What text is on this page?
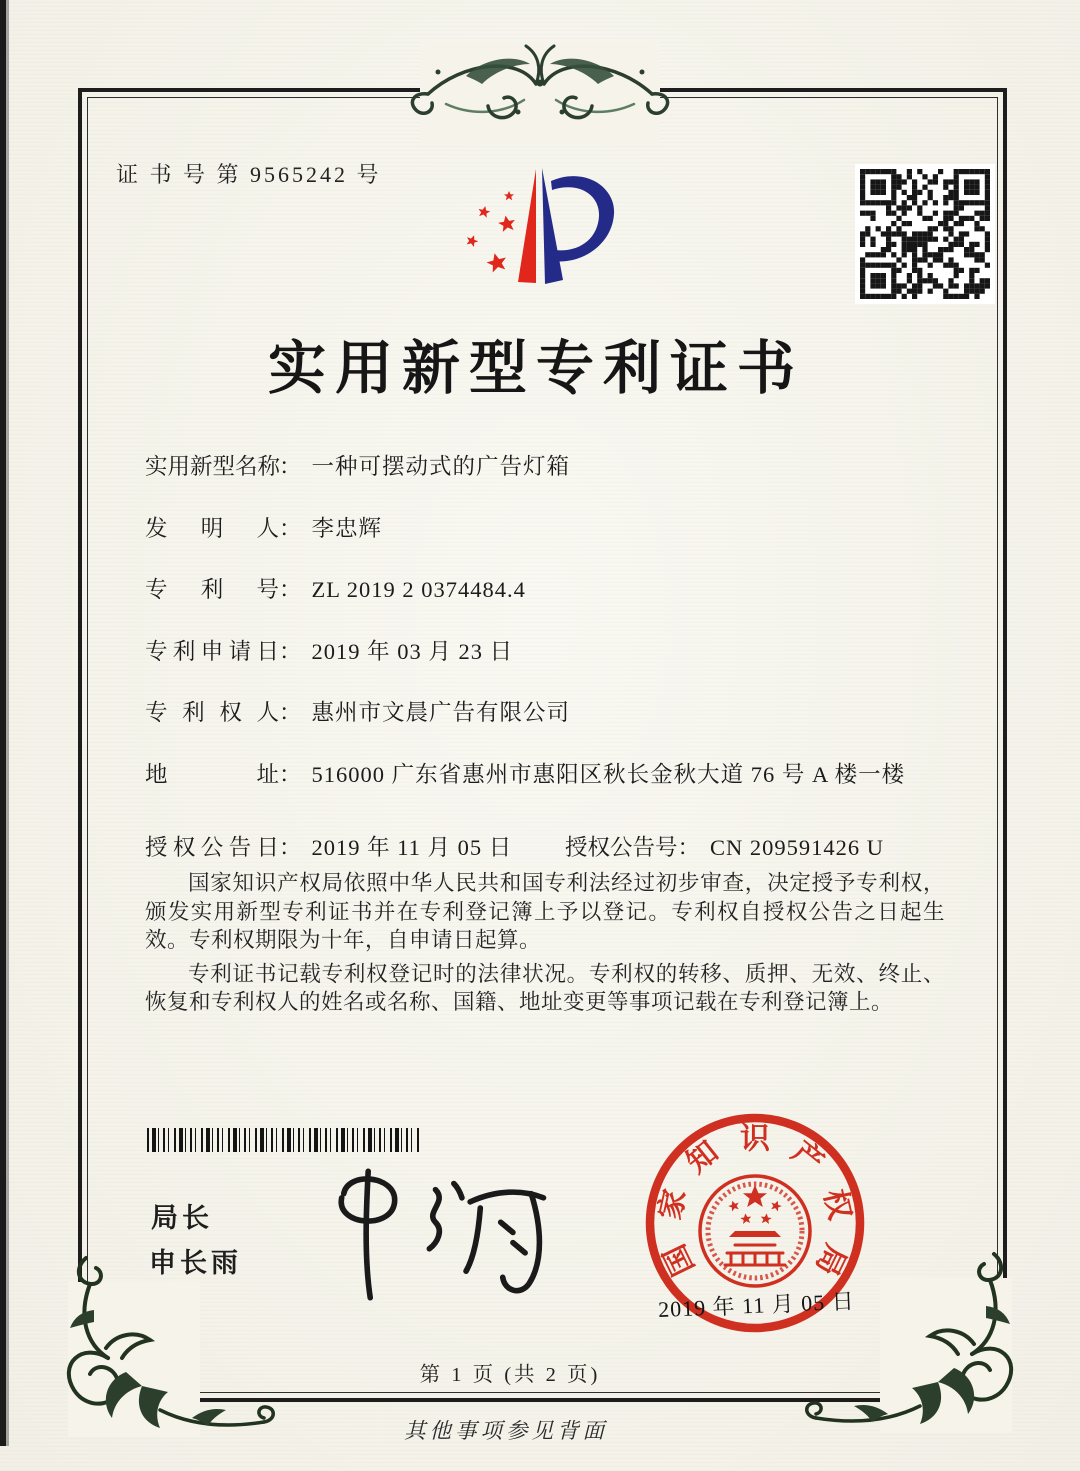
证 书 号 第 9565242 号
实用新型专利证书
实用新型名称： 一种可摆动式的广告灯箱
发明人： 李忠辉
专利号： ZL 2019 2 0374484.4
专利申请日： 2019 年 03 月 23 日
专利权人： 惠州市文晨广告有限公司
地址： 516000 广东省惠州市惠阳区秋长金秋大道 76 号 A 楼一楼
授权公告日： 2019 年 11 月 05 日 授权公告号： CN 209591426 U

国家知识产权局依照中华人民共和国专利法经过初步审查，决定授予专利权，颁发实用新型专利证书并在专利登记簿上予以登记。专利权自授权公告之日起生效。专利权期限为十年，自申请日起算。

专利证书记载专利权登记时的法律状况。专利权的转移、质押、无效、终止、恢复和专利权人的姓名或名称、国籍、地址变更等事项记载在专利登记簿上。

局长
申长雨	国
家
知 识 产
权
局
2019 年 11 月 05 日
第 1 页 (共 2 页)
其他事项参见背面
